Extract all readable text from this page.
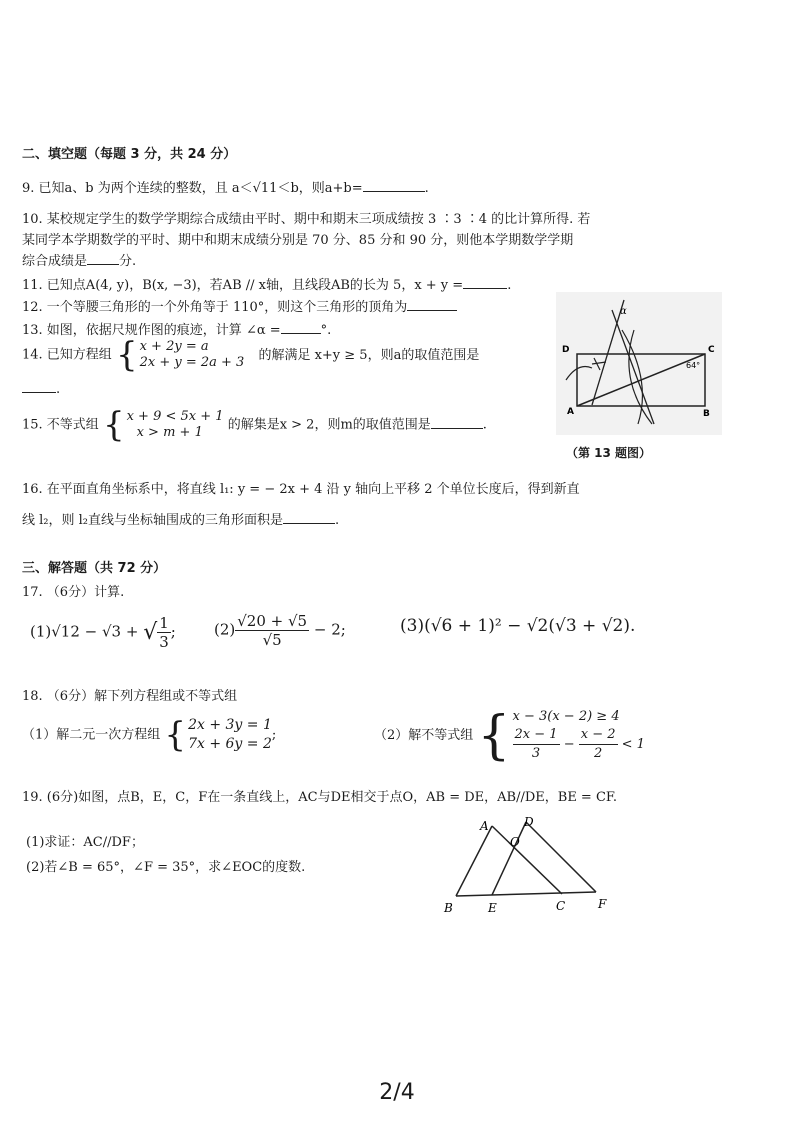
二、填空题（每题 3 分，共 24 分）
9. 已知a、b 为两个连续的整数，且 a＜√11＜b，则a+b=	.
10. 某校规定学生的数学学期综合成绩由平时、期中和期末三项成绩按 3 ∶3 ∶4 的比计算所得. 若
某同学本学期数学的平时、期中和期末成绩分别是 70 分、85 分和 90 分，则他本学期数学学期
综合成绩是 分.
11. 已知点A(4, y)，B(x, −3)，若AB // x轴，且线段AB的长为 5，x + y =	.
12. 一个等腰三角形的一个外角等于 110°，则这个三角形的顶角为
13. 如图，依据尺规作图的痕迹，计算 ∠α =	°.
14. 已知方程组 { x + 2y = a
2x + y = 2a + 3 的解满足 x+y ≥ 5，则a的取值范围是
.
15. 不等式组 { x + 9 < 5x + 1
x > m + 1	的解集是x > 2，则m的取值范围是	.
D	C
A	B
α
64°
（第 13 题图）
16. 在平面直角坐标系中，将直线 l₁: y = − 2x + 4 沿 y 轴向上平移 2 个单位长度后，得到新直
线 l₂，则 l₂直线与坐标轴围成的三角形面积是	.
三、解答题（共 72 分）
17. （6分）计算.
(1)√12 − √3 + √ $\frac{1}{3}$ ;	$(2) \frac{√20 + √5}{√5} - 2$;	(3)(√6 + 1)² − √2(√3 + √2).
18. （6分）解下列方程组或不等式组
（1）解二元一次方程组 { 2x + 3y = 1
7x + 6y = 2
;	（2）解不等式组 { x − 3(x − 2) ≥ 4
$\frac{2x - 1}{3} - \frac{x - 2}{2} < 1$
19. (6分)如图，点B，E，C，F在一条直线上，AC与DE相交于点O，AB = DE，AB//DE，BE = CF.
(1)求证：AC//DF；
(2)若∠B = 65°，∠F = 35°，求∠EOC的度数.
A	D
O
B	E	C	F
2/4
